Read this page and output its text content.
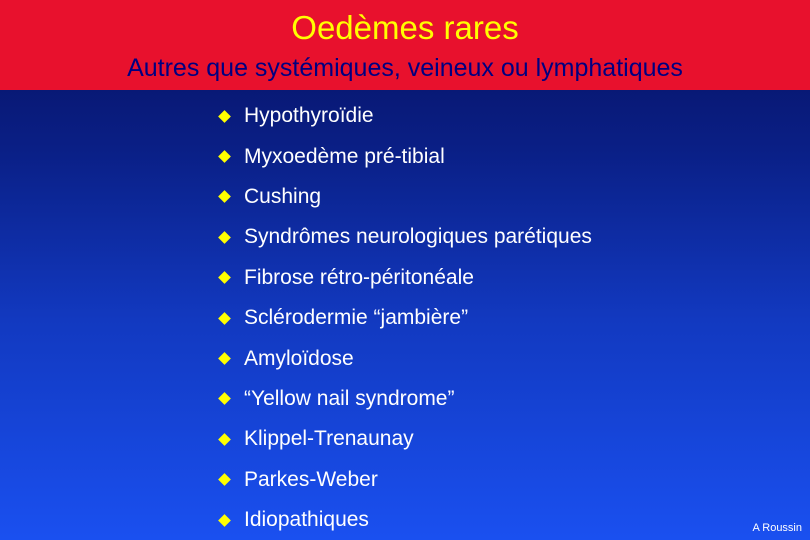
Oedèmes rares
Autres que systémiques, veineux ou lymphatiques
Hypothyroïdie
Myxoedème pré-tibial
Cushing
Syndrômes neurologiques parétiques
Fibrose rétro-péritonéale
Sclérodermie “jambière”
Amyloïdose
“Yellow nail syndrome”
Klippel-Trenaunay
Parkes-Weber
Idiopathiques	A Roussin
